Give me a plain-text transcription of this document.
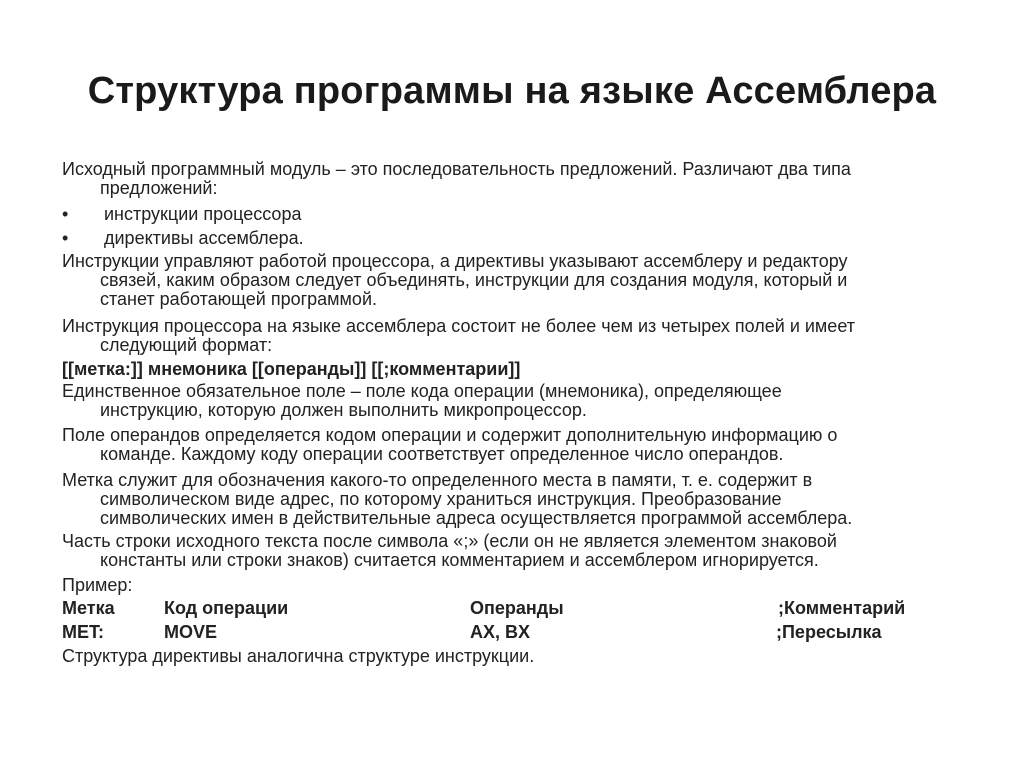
Структура программы на языке Ассемблера
Исходный программный модуль – это последовательность предложений. Различают два типа
предложений:
• инструкции процессора
• директивы ассемблера.
Инструкции управляют работой процессора, а директивы указывают ассемблеру и редактору
связей, каким образом следует объединять, инструкции для создания модуля, который и
станет работающей программой.
Инструкция процессора на языке ассемблера состоит не более чем из четырех полей и имеет
следующий формат:
[[метка:]] мнемоника [[операнды]] [[;комментарии]]
Единственное обязательное поле – поле кода операции (мнемоника), определяющее
инструкцию, которую должен выполнить микропроцессор.
Поле операндов определяется кодом операции и содержит дополнительную информацию о
команде. Каждому коду операции соответствует определенное число операндов.
Метка служит для обозначения какого-то определенного места в памяти, т. е. содержит в
символическом виде адрес, по которому храниться инструкция. Преобразование
символических имен в действительные адреса осуществляется программой ассемблера.
Часть строки исходного текста после символа «;» (если он не является элементом знаковой
константы или строки знаков) считается комментарием и ассемблером игнорируется.
Пример:
Метка	Код операции	Операнды	;Комментарий
MET:	MOVE	AX, BX	;Пересылка
Структура директивы аналогична структуре инструкции.
